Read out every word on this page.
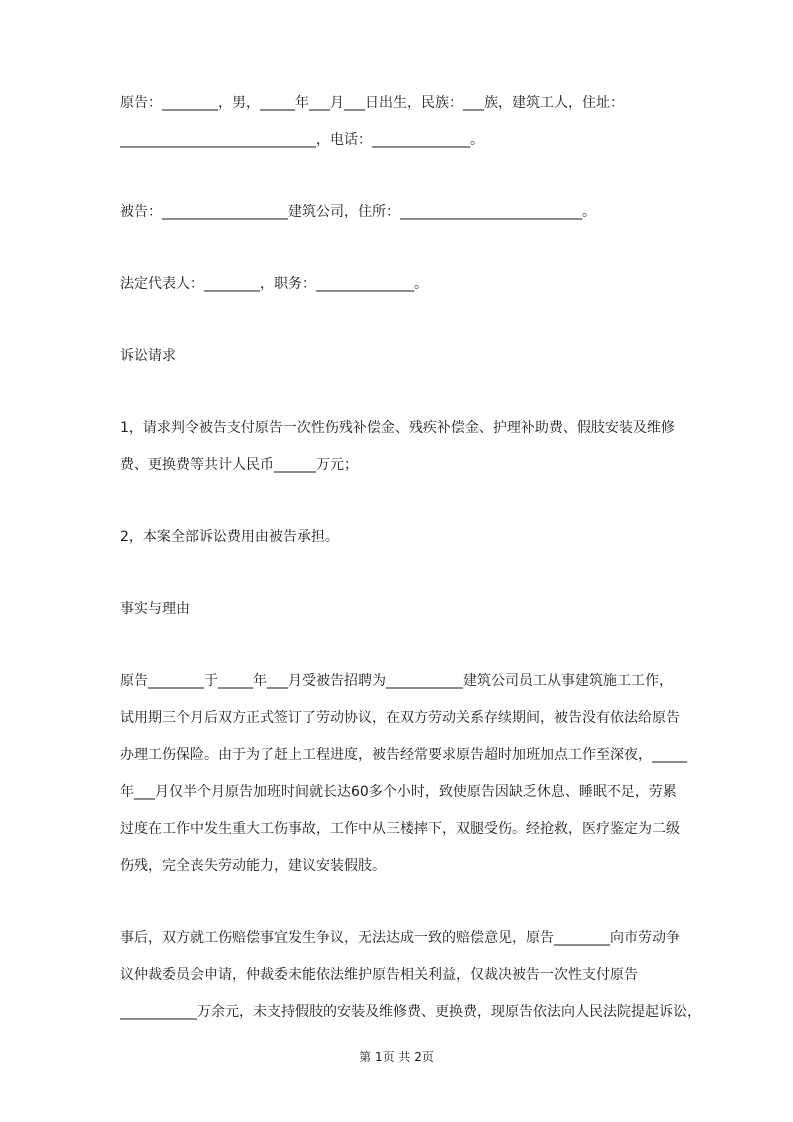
原告：________，男，_____年___月___日出生，民族：___族，建筑工人，住址：
____________________________，电话：______________。

被告：__________________建筑公司，住所：__________________________。

法定代表人：________，职务：______________。

诉讼请求

1，请求判令被告支付原告一次性伤残补偿金、残疾补偿金、护理补助费、假肢安装及维修
费、更换费等共计人民币______万元；

2，本案全部诉讼费用由被告承担。

事实与理由

原告________于_____年___月受被告招聘为___________建筑公司员工从事建筑施工工作，
试用期三个月后双方正式签订了劳动协议，在双方劳动关系存续期间，被告没有依法给原告
办理工伤保险。由于为了赶上工程进度，被告经常要求原告超时加班加点工作至深夜，_____
年___月仅半个月原告加班时间就长达60多个小时，致使原告因缺乏休息、睡眠不足，劳累
过度在工作中发生重大工伤事故，工作中从三楼摔下，双腿受伤。经抢救，医疗鉴定为二级
伤残，完全丧失劳动能力，建议安装假肢。

事后，双方就工伤赔偿事宜发生争议，无法达成一致的赔偿意见，原告________向市劳动争
议仲裁委员会申请，仲裁委未能依法维护原告相关利益，仅裁决被告一次性支付原告
___________万余元，未支持假肢的安装及维修费、更换费，现原告依法向人民法院提起诉讼，

第 1页 共 2页
